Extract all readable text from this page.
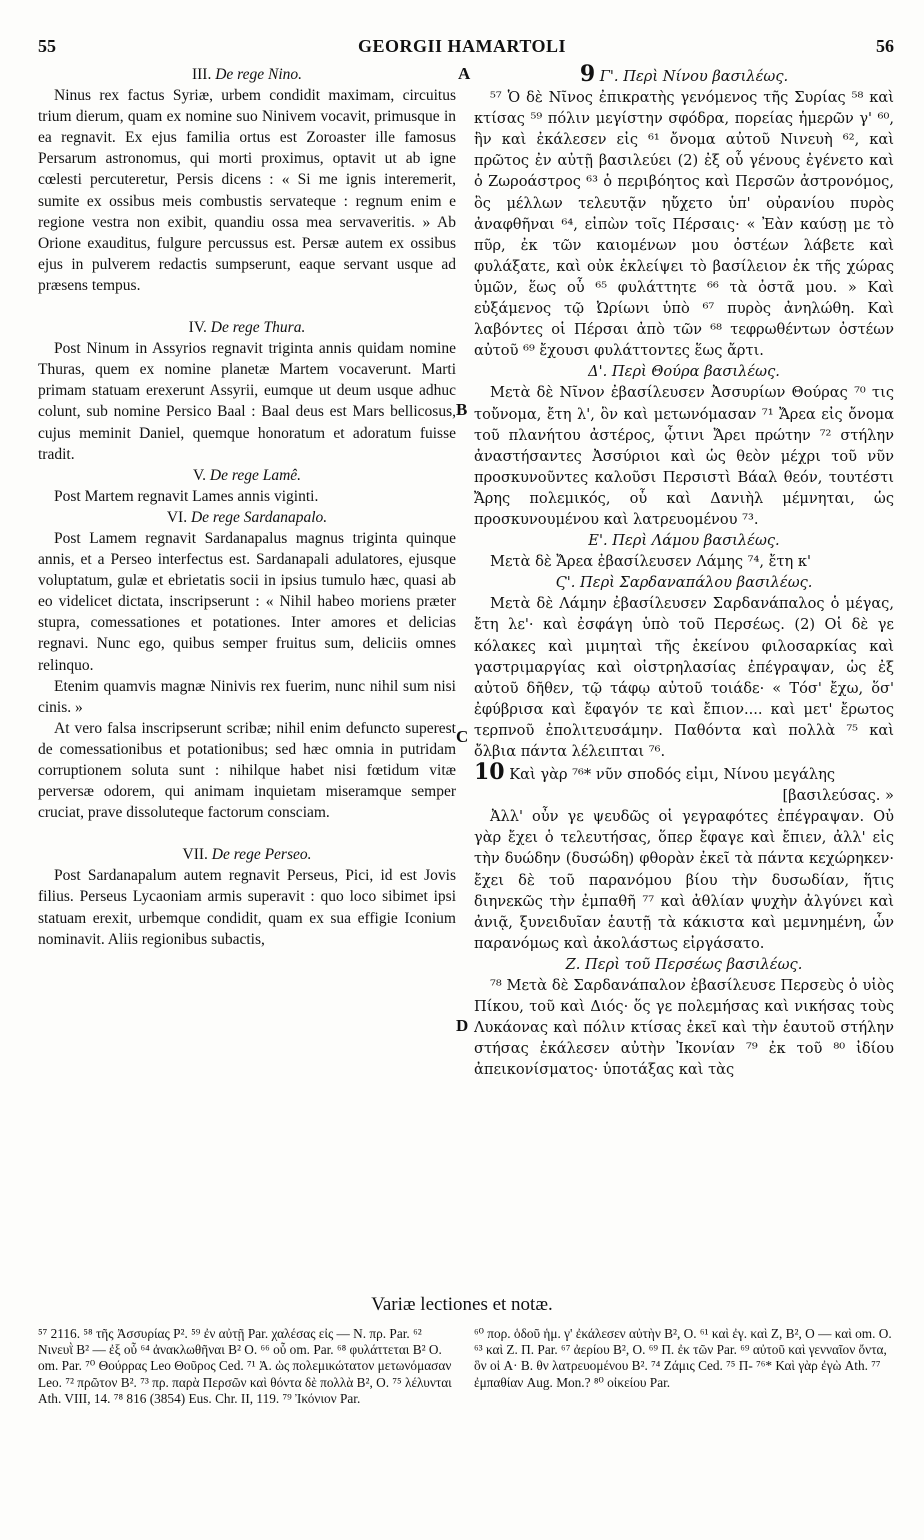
55	GEORGII HAMARTOLI	56

III. De rege Nino.

Ninus rex factus Syriæ, urbem condidit maximam, circuitus trium dierum, quam ex nomine suo Ninivem vocavit, primusque in ea regnavit. Ex ejus familia ortus est Zoroaster ille famosus Persarum astronomus, qui morti proximus, optavit ut ab igne cœlesti percuteretur, Persis dicens : « Si me ignis interemerit, sumite ex ossibus meis combustis servateque : regnum enim e regione vestra non exibit, quandiu ossa mea servaveritis. » Ab Orione exauditus, fulgure percussus est. Persæ autem ex ossibus ejus in pulverem redactis sumpserunt, eaque servant usque ad præsens tempus.

IV. De rege Thura.

Post Ninum in Assyrios regnavit triginta annis quidam nomine Thuras, quem ex nomine planetæ Martem vocaverunt. Marti primam statuam erexerunt Assyrii, eumque ut deum usque adhuc colunt, sub nomine Persico Baal : Baal deus est Mars bellicosus, cujus meminit Daniel, quemque honoratum et adoratum fuisse tradit.

V. De rege Lamê.

Post Martem regnavit Lames annis viginti.

VI. De rege Sardanapalo.

Post Lamem regnavit Sardanapalus magnus triginta quinque annis, et a Perseo interfectus est. Sardanapali adulatores, ejusque voluptatum, gulæ et ebrietatis socii in ipsius tumulo hæc, quasi ab eo videlicet dictata, inscripserunt : « Nihil habeo moriens præter stupra, comessationes et potationes. Inter amores et delicias regnavi. Nunc ego, quibus semper fruitus sum, deliciis omnes relinquo.

Etenim quamvis magnæ Ninivis rex fuerim, nunc nihil sum nisi cinis. »

At vero falsa inscripserunt scribæ; nihil enim defuncto superest de comessationibus et potationibus; sed hæc omnia in putridam corruptionem soluta sunt : nihilque habet nisi fœtidum vitæ perversæ odorem, qui animam inquietam miseramque semper cruciat, prave dissoluteque factorum consciam.

VII. De rege Perseo.

Post Sardanapalum autem regnavit Perseus, Pici, id est Jovis filius. Perseus Lycaoniam armis superavit : quo loco sibimet ipsi statuam erexit, urbemque condidit, quam ex sua effigie Iconium nominavit. Aliis regionibus subactis,

9 Γ'. Περὶ Νίνου βασιλέως.

⁵⁷ Ὁ δὲ Νῖνος ἐπικρατὴς γενόμενος τῆς Συρίας ⁵⁸ καὶ κτίσας ⁵⁹ πόλιν μεγίστην σφόδρα, πορείας ἡμερῶν γ' ⁶⁰, ἣν καὶ ἐκάλεσεν εἰς ⁶¹ ὄνομα αὐτοῦ Νινευὴ ⁶², καὶ πρῶτος ἐν αὐτῇ βασιλεύει (2) ἐξ οὗ γένους ἐγένετο καὶ ὁ Ζωροάστρος ⁶³ ὁ περιβόητος καὶ Περσῶν ἀστρονόμος, ὃς μέλλων τελευτᾷν ηὔχετο ὑπ' οὐρανίου πυρὸς ἀναφθῆναι ⁶⁴, εἰπὼν τοῖς Πέρσαις· « Ἐὰν καύσῃ με τὸ πῦρ, ἐκ τῶν καιομένων μου ὀστέων λάβετε καὶ φυλάξατε, καὶ οὐκ ἐκλείψει τὸ βασίλειον ἐκ τῆς χώρας ὑμῶν, ἕως οὗ ⁶⁵ φυλάττητε ⁶⁶ τὰ ὀστᾶ μου. » Καὶ εὐξάμενος τῷ Ὠρίωνι ὑπὸ ⁶⁷ πυρὸς ἀνηλώθη. Καὶ λαβόντες οἱ Πέρσαι ἀπὸ τῶν ⁶⁸ τεφρωθέντων ὀστέων αὐτοῦ ⁶⁹ ἔχουσι φυλάττοντες ἕως ἄρτι.

Δ'. Περὶ Θούρα βασιλέως.

Μετὰ δὲ Νῖνον ἐβασίλευσεν Ἀσσυρίων Θούρας ⁷⁰ τις τοὔνομα, ἔτη λ', ὃν καὶ μετωνόμασαν ⁷¹ Ἄρεα εἰς ὄνομα τοῦ πλανήτου ἀστέρος, ᾧτινι Ἄρει πρώτην ⁷² στήλην ἀναστήσαντες Ἀσσύριοι καὶ ὡς θεὸν μέχρι τοῦ νῦν προσκυνοῦντες καλοῦσι Περσιστὶ Βάαλ θεόν, τουτέστι Ἄρης πολεμικός, οὗ καὶ Δανιὴλ μέμνηται, ὡς προσκυνουμένου καὶ λατρευομένου ⁷³.

Ε'. Περὶ Λάμου βασιλέως.

Μετὰ δὲ Ἄρεα ἐβασίλευσεν Λάμης ⁷⁴, ἔτη κ'

Ϛ'. Περὶ Σαρδαναπάλου βασιλέως.

Μετὰ δὲ Λάμην ἐβασίλευσεν Σαρδανάπαλος ὁ μέγας, ἔτη λε'· καὶ ἐσφάγη ὑπὸ τοῦ Περσέως. (2) Οἱ δὲ γε κόλακες καὶ μιμηταὶ τῆς ἐκείνου φιλοσαρκίας καὶ γαστριμαργίας καὶ οἰστρηλασίας ἐπέγραψαν, ὡς ἐξ αὐτοῦ δῆθεν, τῷ τάφῳ αὐτοῦ τοιάδε· « Τόσ' ἔχω, ὅσ' ἐφύβρισα καὶ ἔφαγόν τε καὶ ἔπιον.... καὶ μετ' ἔρωτος τερπνοῦ ἐπολιτευσάμην. Παθόντα καὶ πολλὰ ⁷⁵ καὶ ὄλβια πάντα λέλειπται ⁷⁶.

10 Καὶ γὰρ ⁷⁶* νῦν σποδός εἰμι, Νίνου μεγάλης

[βασιλεύσας. »

Ἀλλ' οὖν γε ψευδῶς οἱ γεγραφότες ἐπέγραψαν. Οὐ γὰρ ἔχει ὁ τελευτήσας, ὅπερ ἔφαγε καὶ ἔπιεν, ἀλλ' εἰς τὴν δυώδην (δυσώδη) φθορὰν ἐκεῖ τὰ πάντα κεχώρηκεν· ἔχει δὲ τοῦ παρανόμου βίου τὴν δυσωδίαν, ἥτις διηνεκῶς τὴν ἐμπαθῆ ⁷⁷ καὶ ἀθλίαν ψυχὴν ἀλγύνει καὶ ἀνιᾷ, ξυνειδυῖαν ἑαυτῇ τὰ κάκιστα καὶ μεμνημένη, ὧν παρανόμως καὶ ἀκολάστως εἰργάσατο.

Ζ. Περὶ τοῦ Περσέως βασιλέως.

⁷⁸ Μετὰ δὲ Σαρδανάπαλον ἐβασίλευσε Περσεὺς ὁ υἱὸς Πίκου, τοῦ καὶ Διός· ὅς γε πολεμήσας καὶ νικήσας τοὺς Λυκάονας καὶ πόλιν κτίσας ἐκεῖ καὶ τὴν ἑαυτοῦ στήλην στήσας ἐκάλεσεν αὐτὴν Ἰκονίαν ⁷⁹ ἐκ τοῦ ⁸⁰ ἰδίου ἀπεικονίσματος· ὑποτάξας καὶ τὰς

A
B
C
D
Variæ lectiones et notæ.

⁵⁷ 2116. ⁵⁸ τῆς Ἀσσυρίας P². ⁵⁹ ἐν αὐτῇ Par. χαλέσας εἰς — N. πρ. Par. ⁶² Νινευῒ B² — ἐξ οὗ ⁶⁴ ἀνακλωθῆναι B² O. ⁶⁶ οὗ om. Par. ⁶⁸ φυλάττεται B² O. om. Par. ⁷⁰ Θούρρας Leo Θοῦρος Ced. ⁷¹ Ἀ. ὡς πολεμικώτατον μετωνόμασαν Leo. ⁷² πρῶτον B². ⁷³ πρ. παρὰ Περσῶν καὶ θόντα δὲ πολλὰ B², O. ⁷⁵ λέλυνται Ath. VIII, 14. ⁷⁸ 816 (3854) Eus. Chr. II, 119. ⁷⁹ Ἰκόνιον Par.

⁶⁰ πορ. ὁδοῦ ἡμ. γ' ἐκάλεσεν αὐτὴν B², O. ⁶¹ καὶ ἐγ. καὶ Z, B², O — καὶ om. O. ⁶³ καὶ Z. Π. Par. ⁶⁷ ἀερίου B², O. ⁶⁹ Π. ἐκ τῶν Par. ⁶⁹ αὐτοῦ καὶ γενναῖον ὄντα, ὃν οἱ A· B. θν λατρευομένου B². ⁷⁴ Ζάμις Ced. ⁷⁵ Π- ⁷⁶* Καὶ γὰρ ἐγὼ Ath. ⁷⁷ ἐμπαθίαν Aug. Mon.? ⁸⁰ οἰκείου Par.
